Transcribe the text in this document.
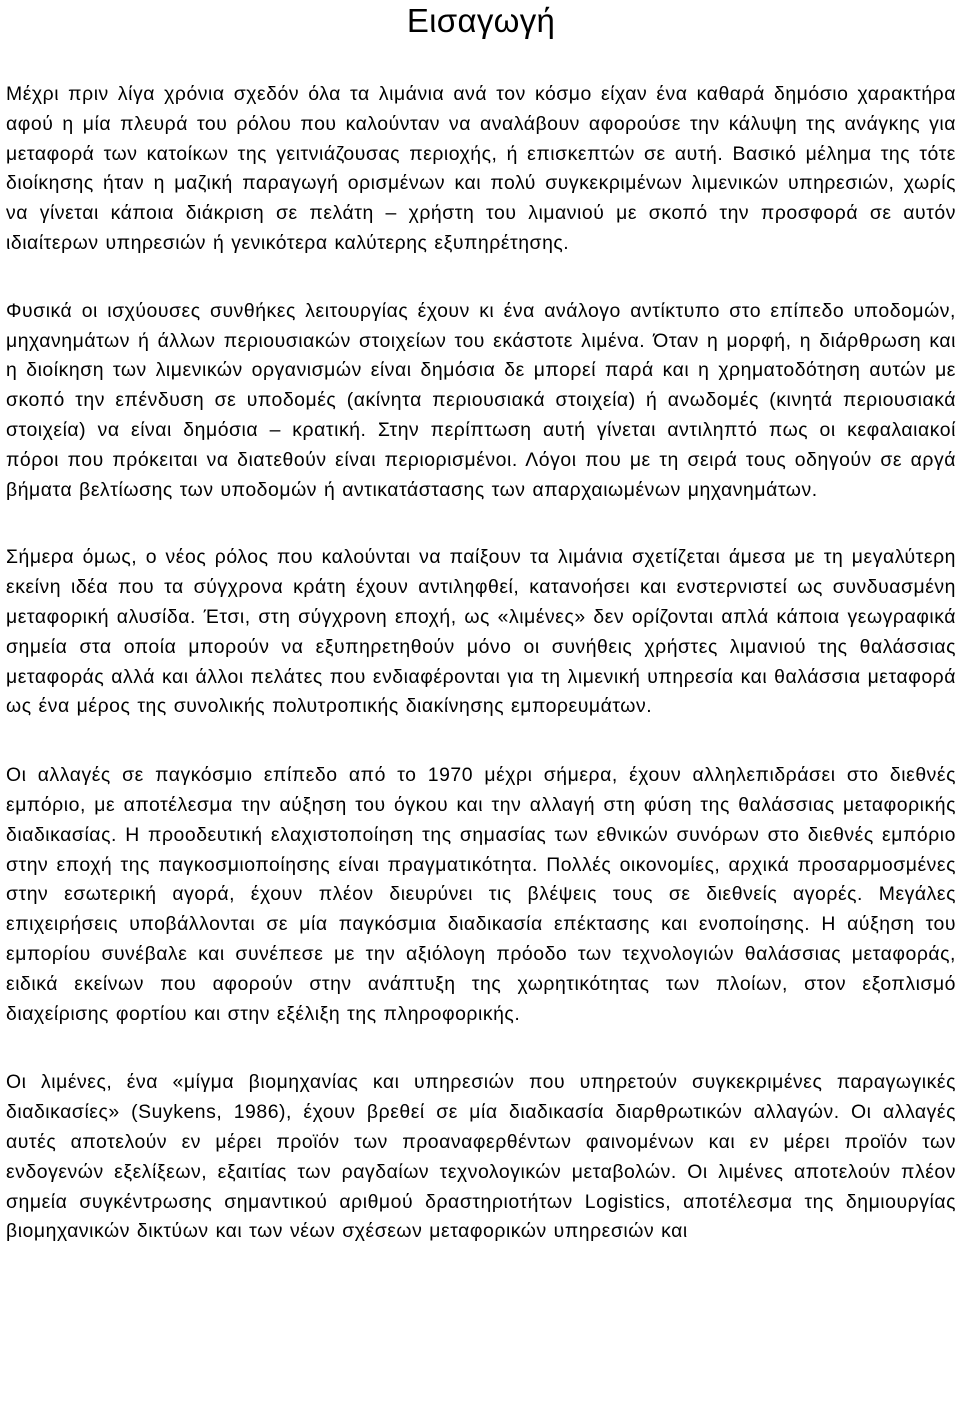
Εισαγωγή

Μέχρι πριν λίγα χρόνια σχεδόν όλα τα λιμάνια ανά τον κόσμο είχαν ένα καθαρά δημόσιο χαρακτήρα αφού η μία πλευρά του ρόλου που καλούνταν να αναλάβουν αφορούσε την κάλυψη της ανάγκης για μεταφορά των κατοίκων της γειτνιάζουσας περιοχής, ή επισκεπτών σε αυτή. Βασικό μέλημα της τότε διοίκησης ήταν η μαζική παραγωγή ορισμένων και πολύ συγκεκριμένων λιμενικών υπηρεσιών, χωρίς να γίνεται κάποια διάκριση σε πελάτη – χρήστη του λιμανιού με σκοπό την προσφορά σε αυτόν ιδιαίτερων υπηρεσιών ή γενικότερα καλύτερης εξυπηρέτησης.

Φυσικά οι ισχύουσες συνθήκες λειτουργίας έχουν κι ένα ανάλογο αντίκτυπο στο επίπεδο υποδομών, μηχανημάτων ή άλλων περιουσιακών στοιχείων του εκάστοτε λιμένα. Όταν η μορφή, η διάρθρωση και η διοίκηση των λιμενικών οργανισμών είναι δημόσια δε μπορεί παρά και η χρηματοδότηση αυτών με σκοπό την επένδυση σε υποδομές (ακίνητα περιουσιακά στοιχεία) ή ανωδομές (κινητά περιουσιακά στοιχεία) να είναι δημόσια – κρατική. Στην περίπτωση αυτή γίνεται αντιληπτό πως οι κεφαλαιακοί πόροι που πρόκειται να διατεθούν είναι περιορισμένοι. Λόγοι που με τη σειρά τους οδηγούν σε αργά βήματα βελτίωσης των υποδομών ή αντικατάστασης των απαρχαιωμένων μηχανημάτων.

Σήμερα όμως, ο νέος ρόλος που καλούνται να παίξουν τα λιμάνια σχετίζεται άμεσα με τη μεγαλύτερη εκείνη ιδέα που τα σύγχρονα κράτη έχουν αντιληφθεί, κατανοήσει και ενστερνιστεί ως συνδυασμένη μεταφορική αλυσίδα. Έτσι, στη σύγχρονη εποχή, ως «λιμένες» δεν ορίζονται απλά κάποια γεωγραφικά σημεία στα οποία μπορούν να εξυπηρετηθούν μόνο οι συνήθεις χρήστες λιμανιού της θαλάσσιας μεταφοράς αλλά και άλλοι πελάτες που ενδιαφέρονται για τη λιμενική υπηρεσία και θαλάσσια μεταφορά ως ένα μέρος της συνολικής πολυτροπικής διακίνησης εμπορευμάτων.

Οι αλλαγές σε παγκόσμιο επίπεδο από το 1970 μέχρι σήμερα, έχουν αλληλεπιδράσει στο διεθνές εμπόριο, με αποτέλεσμα την αύξηση του όγκου και την αλλαγή στη φύση της θαλάσσιας μεταφορικής διαδικασίας. Η προοδευτική ελαχιστοποίηση της σημασίας των εθνικών συνόρων στο διεθνές εμπόριο στην εποχή της παγκοσμιοποίησης είναι πραγματικότητα. Πολλές οικονομίες, αρχικά προσαρμοσμένες στην εσωτερική αγορά, έχουν πλέον διευρύνει τις βλέψεις τους σε διεθνείς αγορές. Μεγάλες επιχειρήσεις υποβάλλονται σε μία παγκόσμια διαδικασία επέκτασης και ενοποίησης. Η αύξηση του εμπορίου συνέβαλε και συνέπεσε με την αξιόλογη πρόοδο των τεχνολογιών θαλάσσιας μεταφοράς, ειδικά εκείνων που αφορούν στην ανάπτυξη της χωρητικότητας των πλοίων, στον εξοπλισμό διαχείρισης φορτίου και στην εξέλιξη της πληροφορικής.

Οι λιμένες, ένα «μίγμα βιομηχανίας και υπηρεσιών που υπηρετούν συγκεκριμένες παραγωγικές διαδικασίες» (Suykens, 1986), έχουν βρεθεί σε μία διαδικασία διαρθρωτικών αλλαγών. Οι αλλαγές αυτές αποτελούν εν μέρει προϊόν των προαναφερθέντων φαινομένων και εν μέρει προϊόν των ενδογενών εξελίξεων, εξαιτίας των ραγδαίων τεχνολογικών μεταβολών. Οι λιμένες αποτελούν πλέον σημεία συγκέντρωσης σημαντικού αριθμού δραστηριοτήτων Logistics, αποτέλεσμα της δημιουργίας βιομηχανικών δικτύων και των νέων σχέσεων μεταφορικών υπηρεσιών και
